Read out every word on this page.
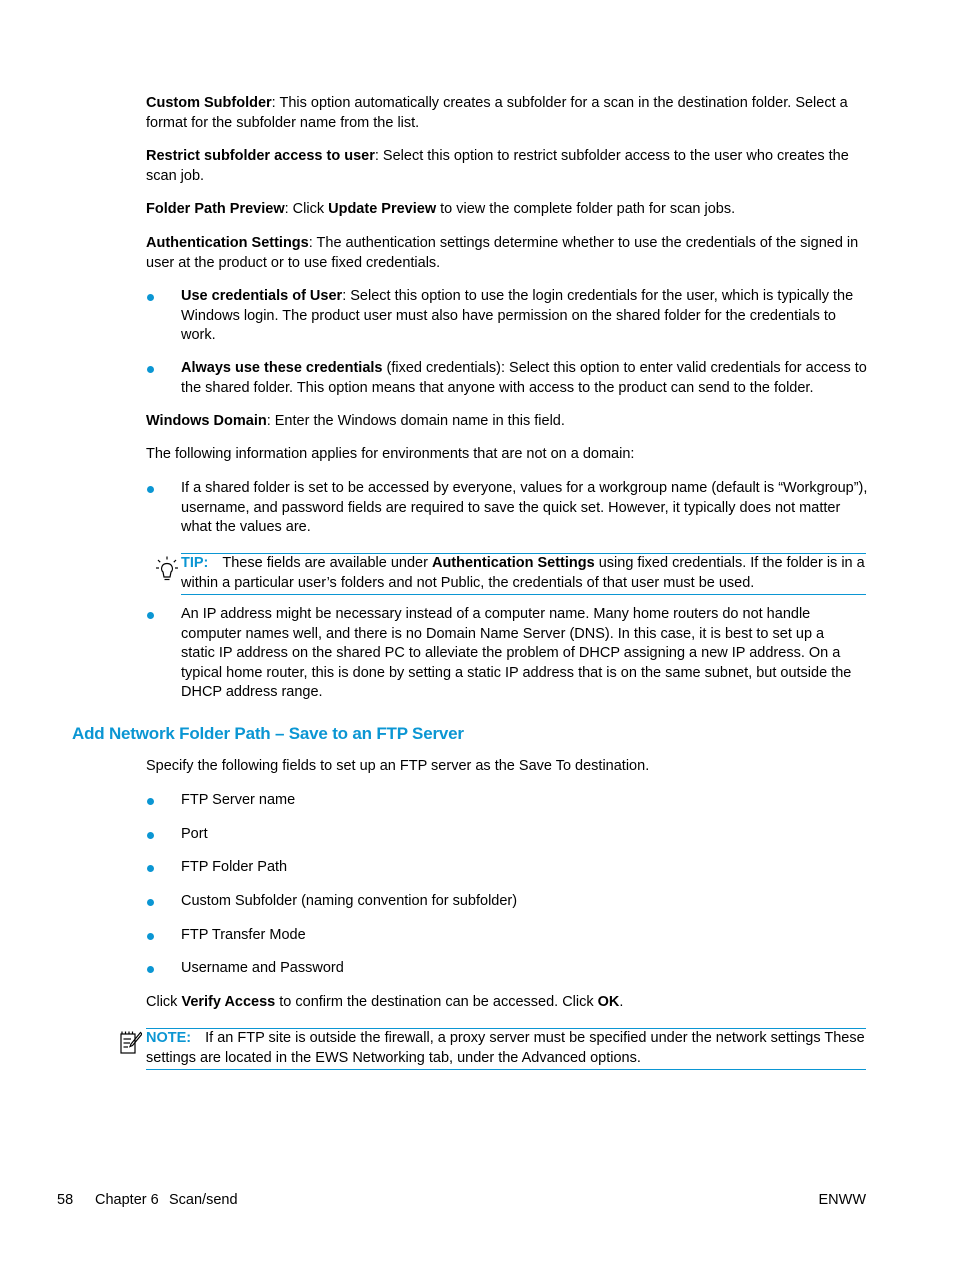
Custom Subfolder: This option automatically creates a subfolder for a scan in the destination folder. Select a format for the subfolder name from the list.

Restrict subfolder access to user: Select this option to restrict subfolder access to the user who creates the scan job.

Folder Path Preview: Click Update Preview to view the complete folder path for scan jobs.

Authentication Settings: The authentication settings determine whether to use the credentials of the signed in user at the product or to use fixed credentials.

Use credentials of User: Select this option to use the login credentials for the user, which is typically the Windows login. The product user must also have permission on the shared folder for the credentials to work.

Always use these credentials (fixed credentials): Select this option to enter valid credentials for access to the shared folder. This option means that anyone with access to the product can send to the folder.

Windows Domain: Enter the Windows domain name in this field.

The following information applies for environments that are not on a domain:

If a shared folder is set to be accessed by everyone, values for a workgroup name (default is “Workgroup”), username, and password fields are required to save the quick set. However, it typically does not matter what the values are.

TIP: These fields are available under Authentication Settings using fixed credentials. If the folder is in a within a particular user’s folders and not Public, the credentials of that user must be used.

An IP address might be necessary instead of a computer name. Many home routers do not handle computer names well, and there is no Domain Name Server (DNS). In this case, it is best to set up a static IP address on the shared PC to alleviate the problem of DHCP assigning a new IP address. On a typical home router, this is done by setting a static IP address that is on the same subnet, but outside the DHCP address range.

Add Network Folder Path – Save to an FTP Server

Specify the following fields to set up an FTP server as the Save To destination.

FTP Server name

Port

FTP Folder Path

Custom Subfolder (naming convention for subfolder)

FTP Transfer Mode

Username and Password

Click Verify Access to confirm the destination can be accessed. Click OK.

NOTE: If an FTP site is outside the firewall, a proxy server must be specified under the network settings These settings are located in the EWS Networking tab, under the Advanced options.
58 Chapter 6 Scan/send	ENWW
